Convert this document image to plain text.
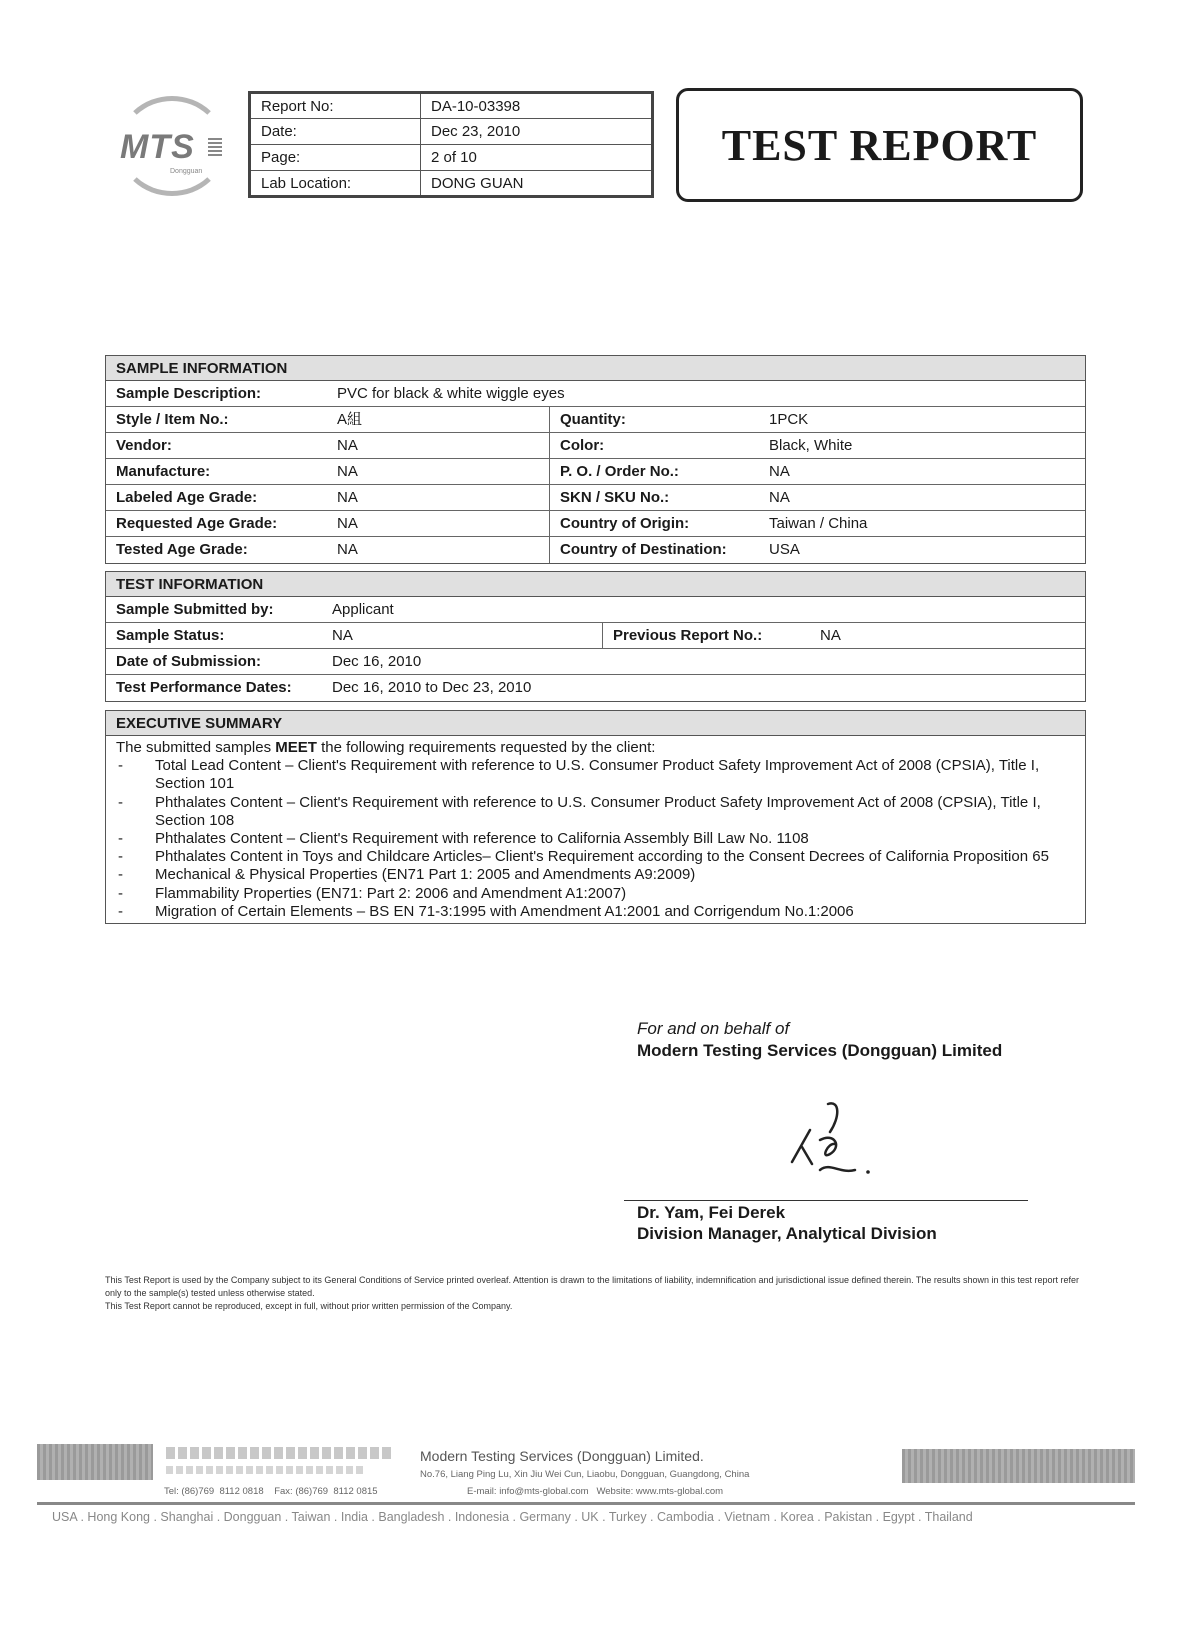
MTS
Dongguan
Report No:	DA-10-03398
Date:	Dec 23, 2010
Page:	2 of 10
Lab Location:	DONG GUAN
TEST REPORT
SAMPLE INFORMATION
Sample Description:	PVC for black & white wiggle eyes
Style / Item No.:	A組	Quantity:	1PCK
Vendor:	NA	Color:	Black, White
Manufacture:	NA	P. O. / Order No.:	NA
Labeled Age Grade:	NA	SKN / SKU No.:	NA
Requested Age Grade:	NA	Country of Origin:	Taiwan / China
Tested Age Grade:	NA	Country of Destination:	USA
TEST INFORMATION
Sample Submitted by:	Applicant
Sample Status:	NA	Previous Report No.:	NA
Date of Submission:	Dec 16, 2010
Test Performance Dates:	Dec 16, 2010 to Dec 23, 2010
EXECUTIVE SUMMARY
The submitted samples MEET the following requirements requested by the client:
- Total Lead Content – Client's Requirement with reference to U.S. Consumer Product Safety Improvement Act of 2008 (CPSIA), Title I, Section 101
- Phthalates Content – Client's Requirement with reference to U.S. Consumer Product Safety Improvement Act of 2008 (CPSIA), Title I, Section 108
- Phthalates Content – Client's Requirement with reference to California Assembly Bill Law No. 1108
- Phthalates Content in Toys and Childcare Articles– Client's Requirement according to the Consent Decrees of California Proposition 65
- Mechanical & Physical Properties (EN71 Part 1: 2005 and Amendments A9:2009)
- Flammability Properties (EN71: Part 2: 2006 and Amendment A1:2007)
- Migration of Certain Elements – BS EN 71-3:1995 with Amendment A1:2001 and Corrigendum No.1:2006
For and on behalf of
Modern Testing Services (Dongguan) Limited
Dr. Yam, Fei Derek
Division Manager, Analytical Division
This Test Report is used by the Company subject to its General Conditions of Service printed overleaf. Attention is drawn to the limitations of liability, indemnification and jurisdictional issue defined therein. The results shown in this test report refer only to the sample(s) tested unless otherwise stated.
This Test Report cannot be reproduced, except in full, without prior written permission of the Company.
Modern Testing Services (Dongguan) Limited.
No.76, Liang Ping Lu, Xin Jiu Wei Cun, Liaobu, Dongguan, Guangdong, China
Tel: (86)769  8112 0818    Fax: (86)769  8112 0815	E-mail: info@mts-global.com   Website: www.mts-global.com
USA . Hong Kong . Shanghai . Dongguan . Taiwan . India . Bangladesh . Indonesia . Germany . UK . Turkey . Cambodia . Vietnam . Korea . Pakistan . Egypt . Thailand
